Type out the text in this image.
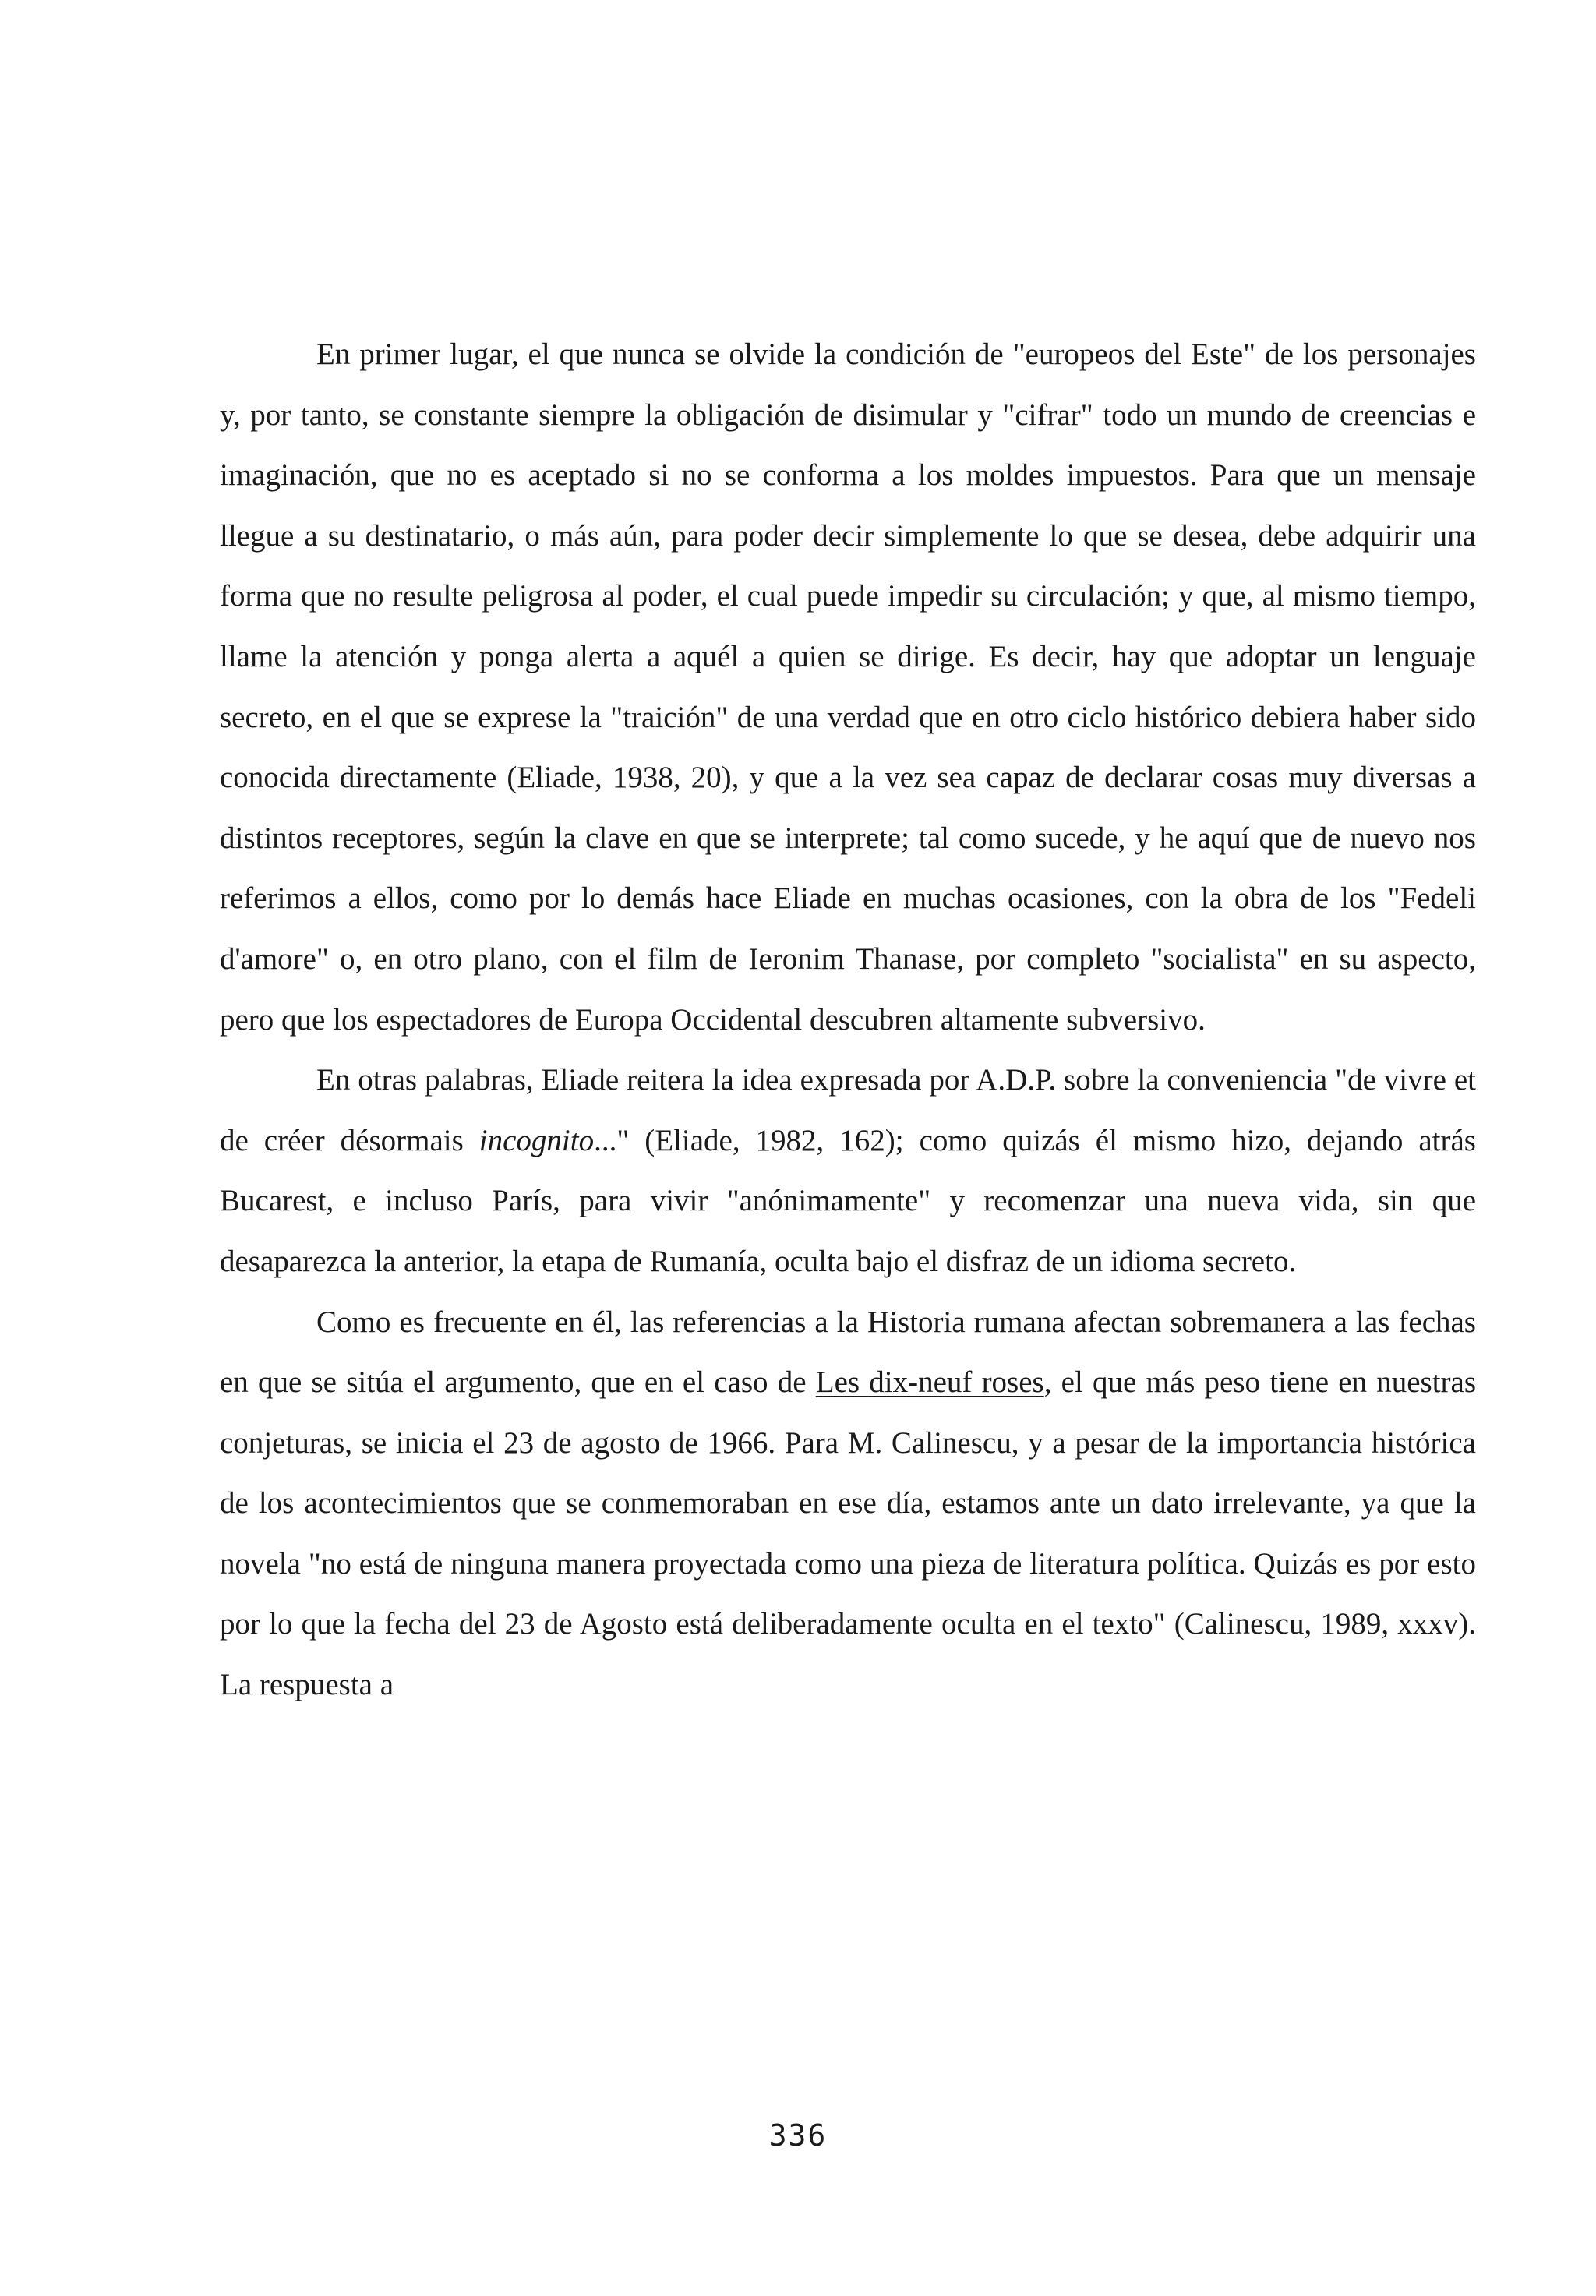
En primer lugar, el que nunca se olvide la condición de "europeos del Este" de los personajes y, por tanto, se constante siempre la obligación de disimular y "cifrar" todo un mundo de creencias e imaginación, que no es aceptado si no se conforma a los moldes impuestos. Para que un mensaje llegue a su destinatario, o más aún, para poder decir simplemente lo que se desea, debe adquirir una forma que no resulte peligrosa al poder, el cual puede impedir su circulación; y que, al mismo tiempo, llame la atención y ponga alerta a aquél a quien se dirige. Es decir, hay que adoptar un lenguaje secreto, en el que se exprese la "traición" de una verdad que en otro ciclo histórico debiera haber sido conocida directamente (Eliade, 1938, 20), y que a la vez sea capaz de declarar cosas muy diversas a distintos receptores, según la clave en que se interprete; tal como sucede, y he aquí que de nuevo nos referimos a ellos, como por lo demás hace Eliade en muchas ocasiones, con la obra de los "Fedeli d'amore" o, en otro plano, con el film de Ieronim Thanase, por completo "socialista" en su aspecto, pero que los espectadores de Europa Occidental descubren altamente subversivo.

En otras palabras, Eliade reitera la idea expresada por A.D.P. sobre la conveniencia "de vivre et de créer désormais incognito..." (Eliade, 1982, 162); como quizás él mismo hizo, dejando atrás Bucarest, e incluso París, para vivir "anónimamente" y recomenzar una nueva vida, sin que desaparezca la anterior, la etapa de Rumanía, oculta bajo el disfraz de un idioma secreto.

Como es frecuente en él, las referencias a la Historia rumana afectan sobremanera a las fechas en que se sitúa el argumento, que en el caso de Les dix-neuf roses, el que más peso tiene en nuestras conjeturas, se inicia el 23 de agosto de 1966. Para M. Calinescu, y a pesar de la importancia histórica de los acontecimientos que se conmemoraban en ese día, estamos ante un dato irrelevante, ya que la novela "no está de ninguna manera proyectada como una pieza de literatura política. Quizás es por esto por lo que la fecha del 23 de Agosto está deliberadamente oculta en el texto" (Calinescu, 1989, xxxv). La respuesta a

336
